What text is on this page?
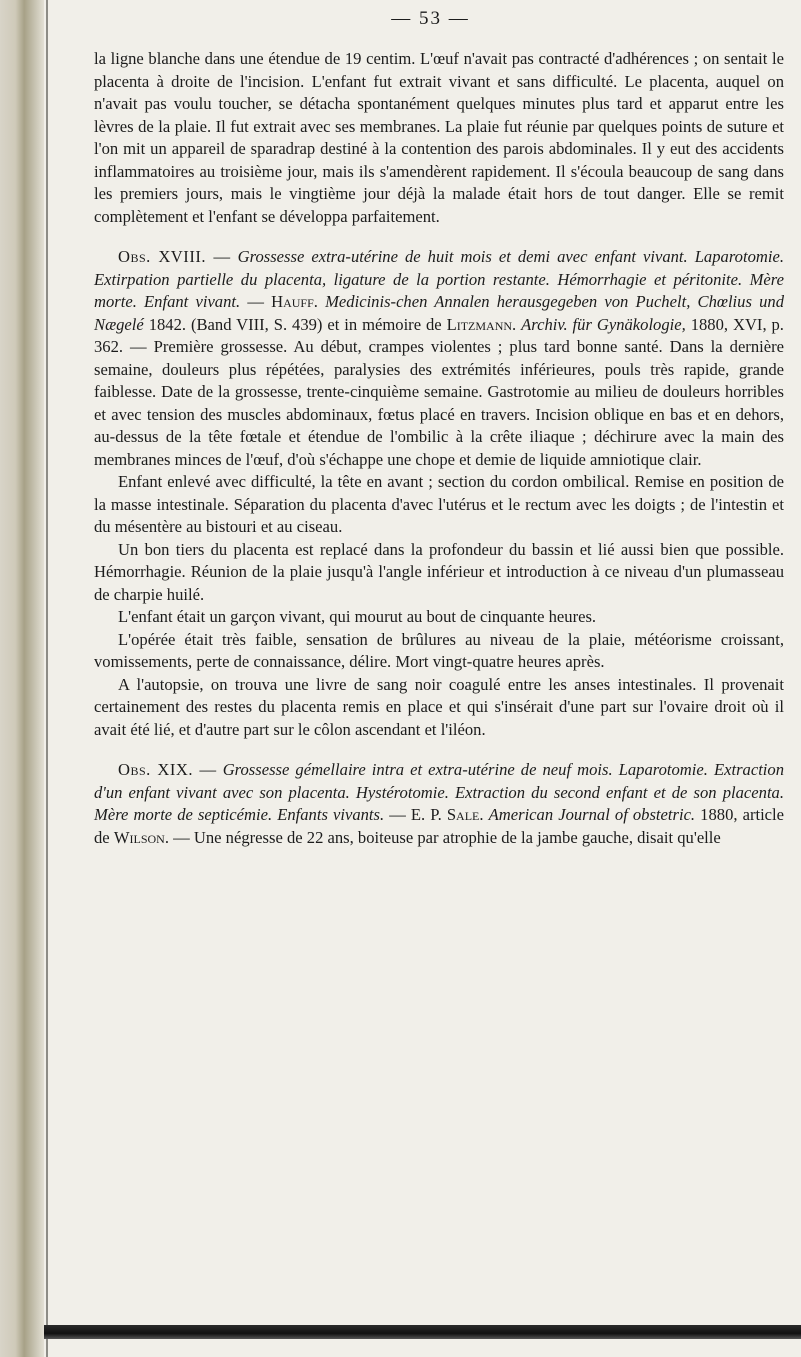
— 53 —

la ligne blanche dans une étendue de 19 centim. L'œuf n'avait pas contracté d'adhérences ; on sentait le placenta à droite de l'incision. L'enfant fut extrait vivant et sans difficulté. Le placenta, auquel on n'avait pas voulu toucher, se détacha spontanément quelques minutes plus tard et apparut entre les lèvres de la plaie. Il fut extrait avec ses membranes. La plaie fut réunie par quelques points de suture et l'on mit un appareil de sparadrap destiné à la contention des parois abdominales. Il y eut des accidents inflammatoires au troisième jour, mais ils s'amendèrent rapidement. Il s'écoula beaucoup de sang dans les premiers jours, mais le vingtième jour déjà la malade était hors de tout danger. Elle se remit complètement et l'enfant se développa parfaitement.

Obs. XVIII. — Grossesse extra-utérine de huit mois et demi avec enfant vivant. Laparotomie. Extirpation partielle du placenta, ligature de la portion restante. Hémorrhagie et péritonite. Mère morte. Enfant vivant. — Hauff. Medicinis-chen Annalen herausgegeben von Puchelt, Chœlius und Nægelé 1842. (Band VIII, S. 439) et in mémoire de Litzmann. Archiv. für Gynäkologie, 1880, XVI, p. 362. — Première grossesse. Au début, crampes violentes ; plus tard bonne santé. Dans la dernière semaine, douleurs plus répétées, paralysies des extrémités inférieures, pouls très rapide, grande faiblesse. Date de la grossesse, trente-cinquième semaine. Gastrotomie au milieu de douleurs horribles et avec tension des muscles abdominaux, fœtus placé en travers. Incision oblique en bas et en dehors, au-dessus de la tête fœtale et étendue de l'ombilic à la crête iliaque ; déchirure avec la main des membranes minces de l'œuf, d'où s'échappe une chope et demie de liquide amniotique clair.

Enfant enlevé avec difficulté, la tête en avant ; section du cordon ombilical. Remise en position de la masse intestinale. Séparation du placenta d'avec l'utérus et le rectum avec les doigts ; de l'intestin et du mésentère au bistouri et au ciseau.

Un bon tiers du placenta est replacé dans la profondeur du bassin et lié aussi bien que possible. Hémorrhagie. Réunion de la plaie jusqu'à l'angle inférieur et introduction à ce niveau d'un plumasseau de charpie huilé.

L'enfant était un garçon vivant, qui mourut au bout de cinquante heures.

L'opérée était très faible, sensation de brûlures au niveau de la plaie, météorisme croissant, vomissements, perte de connaissance, délire. Mort vingt-quatre heures après.

A l'autopsie, on trouva une livre de sang noir coagulé entre les anses intestinales. Il provenait certainement des restes du placenta remis en place et qui s'insérait d'une part sur l'ovaire droit où il avait été lié, et d'autre part sur le côlon ascendant et l'iléon.

Obs. XIX. — Grossesse gémellaire intra et extra-utérine de neuf mois. Laparotomie. Extraction d'un enfant vivant avec son placenta. Hystérotomie. Extraction du second enfant et de son placenta. Mère morte de septicémie. Enfants vivants. — E. P. Sale. American Journal of obstetric. 1880, article de Wilson. — Une négresse de 22 ans, boiteuse par atrophie de la jambe gauche, disait qu'elle
